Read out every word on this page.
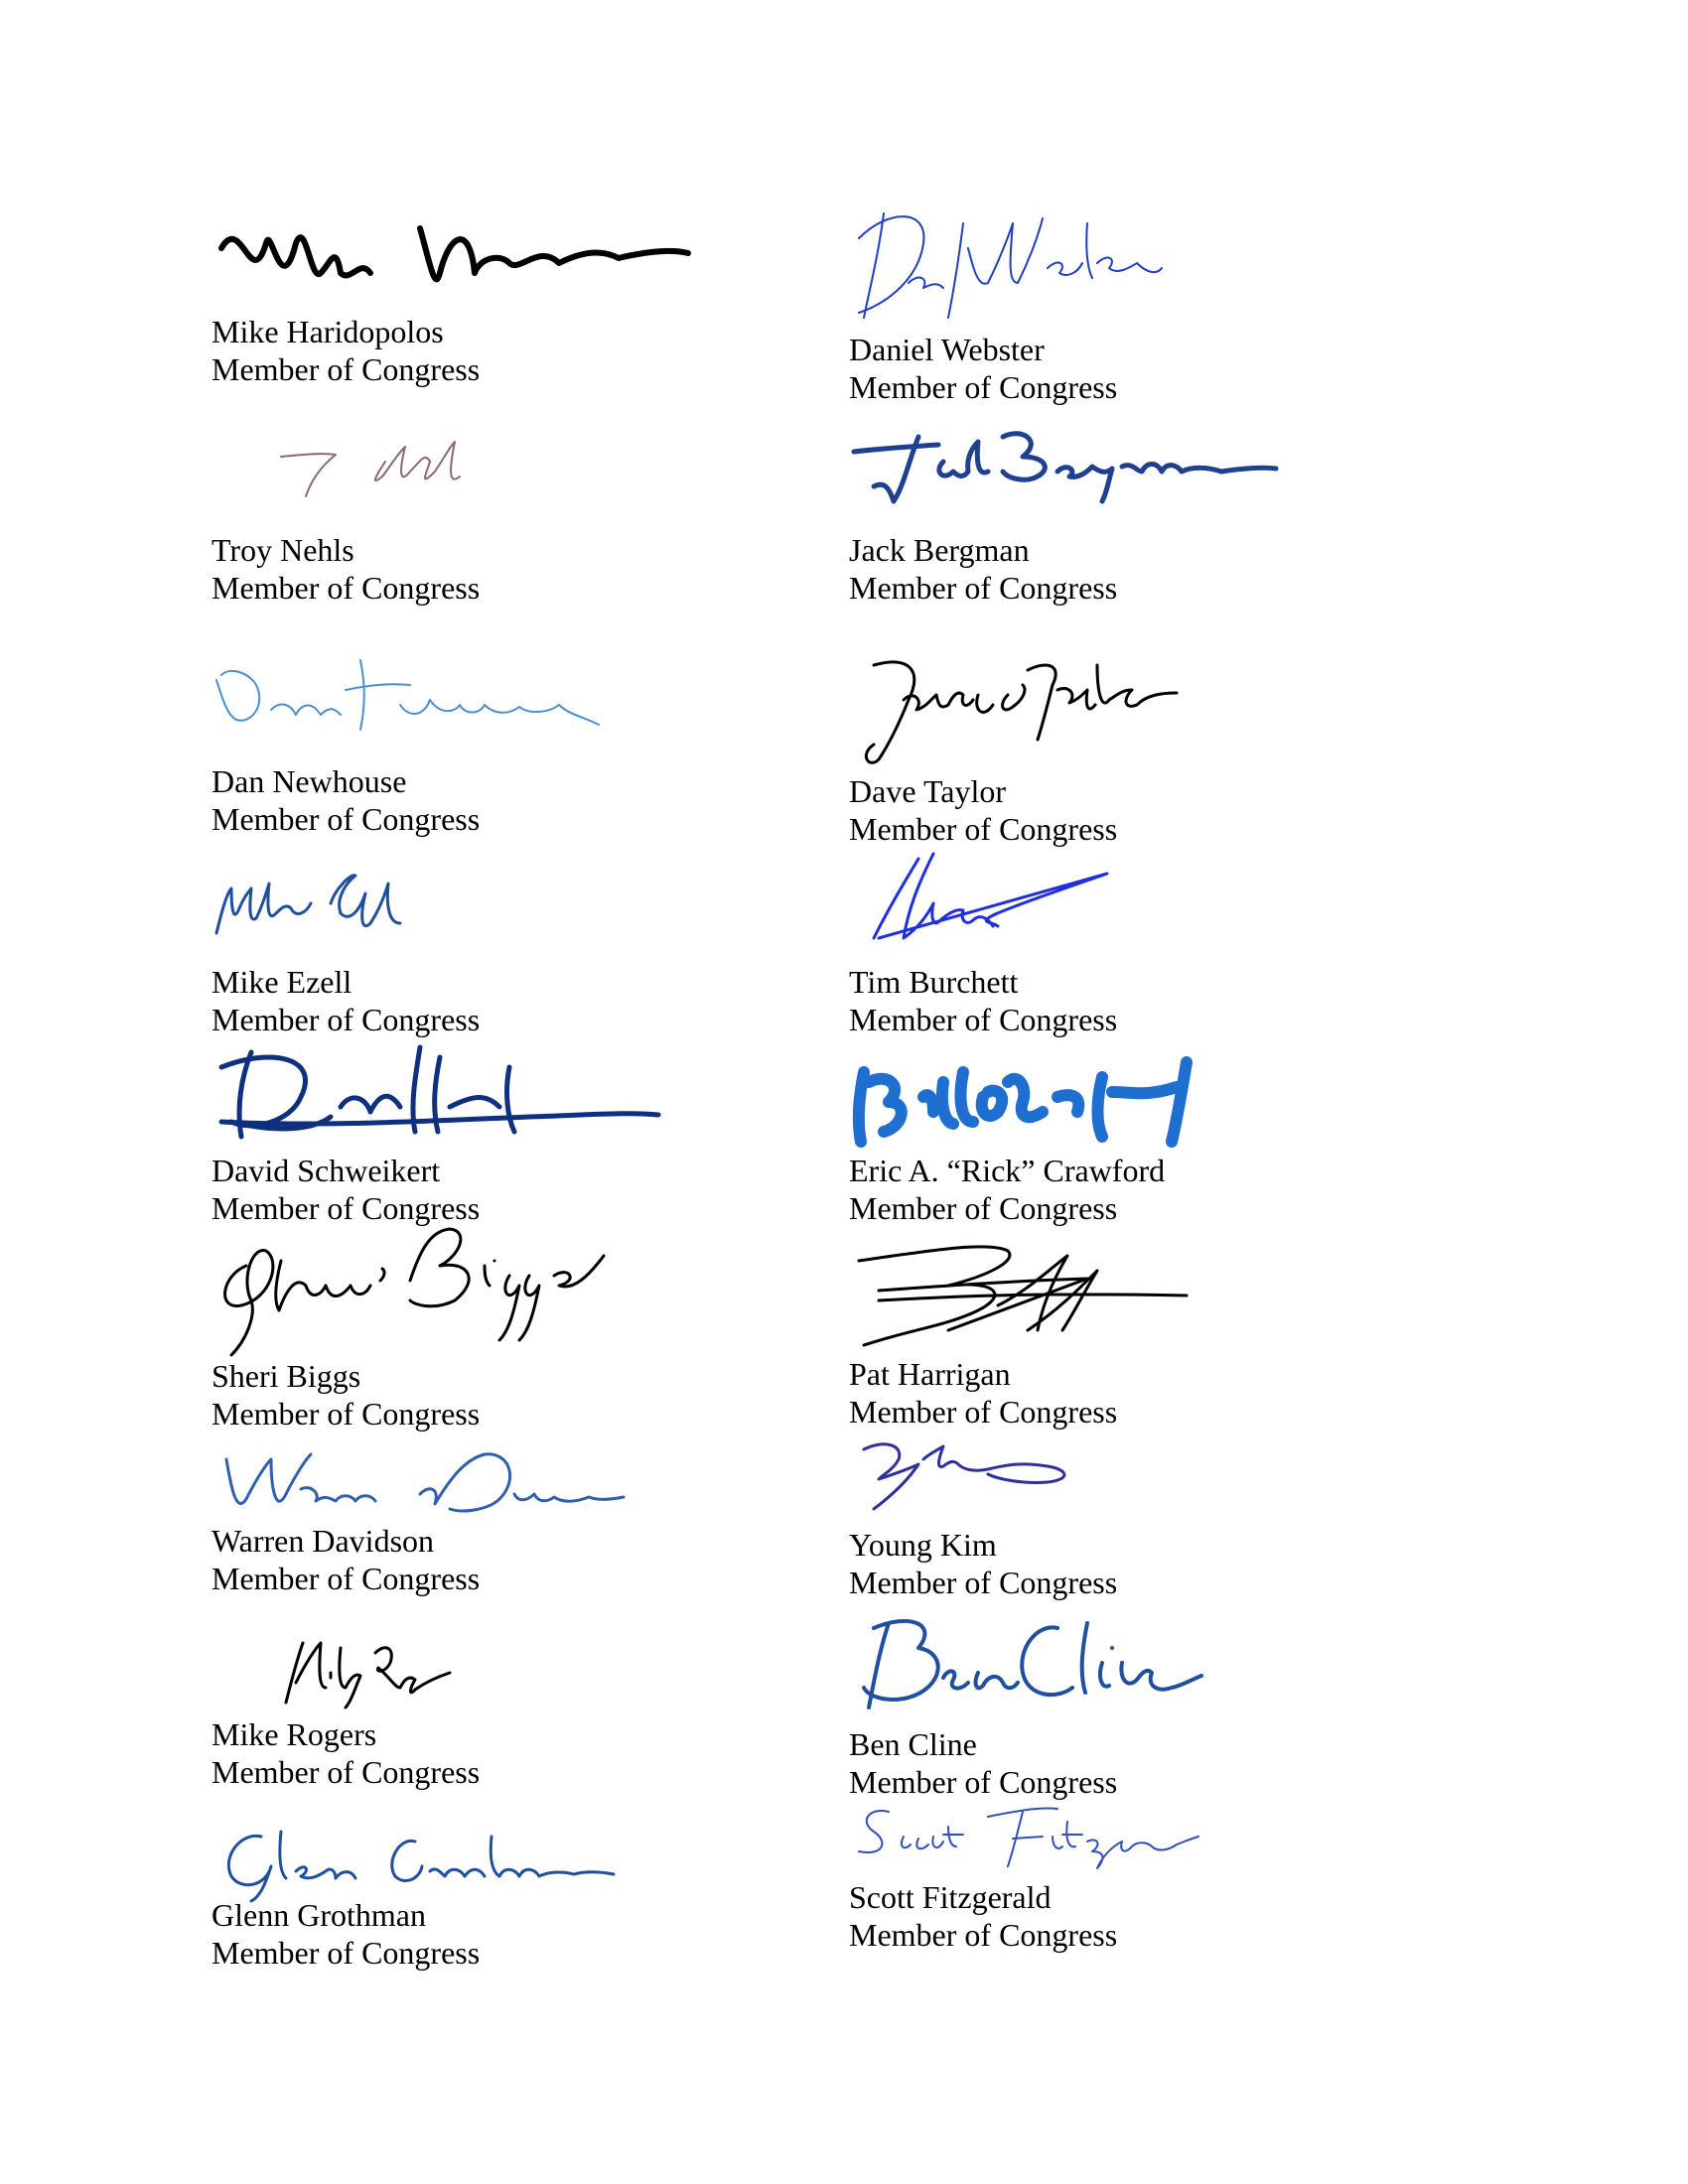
Mike Haridopolos
Member of Congress
Troy Nehls
Member of Congress
Dan Newhouse
Member of Congress
Mike Ezell
Member of Congress
David Schweikert
Member of Congress
Sheri Biggs
Member of Congress
Warren Davidson
Member of Congress
Mike Rogers
Member of Congress
Glenn Grothman
Member of Congress
Daniel Webster
Member of Congress
Jack Bergman
Member of Congress
Dave Taylor
Member of Congress
Tim Burchett
Member of Congress
Eric A. “Rick” Crawford
Member of Congress
Pat Harrigan
Member of Congress
Young Kim
Member of Congress
Ben Cline
Member of Congress
Scott Fitzgerald
Member of Congress
